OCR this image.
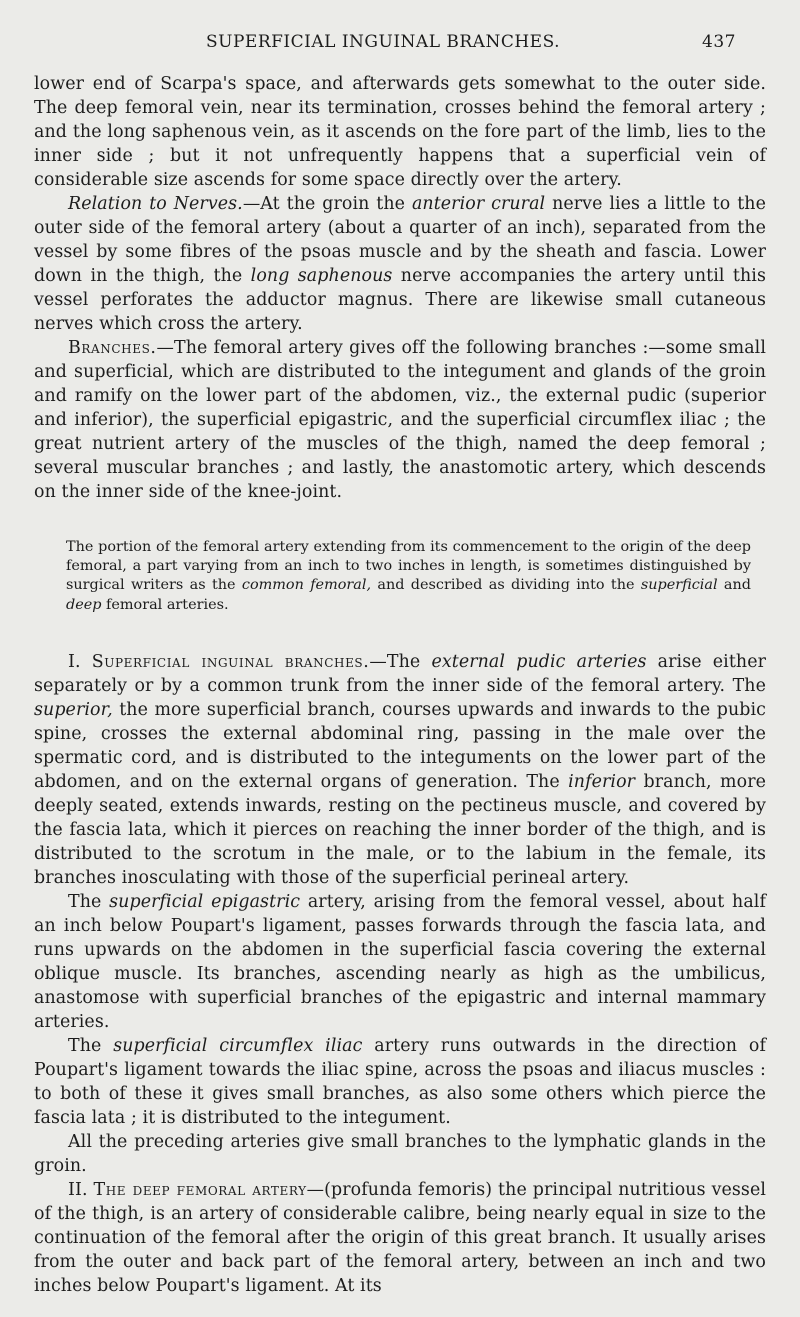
SUPERFICIAL INGUINAL BRANCHES.	437

lower end of Scarpa's space, and afterwards gets somewhat to the outer side. The deep femoral vein, near its termination, crosses behind the femoral artery ; and the long saphenous vein, as it ascends on the fore part of the limb, lies to the inner side ; but it not unfrequently happens that a superficial vein of considerable size ascends for some space directly over the artery.

Relation to Nerves.—At the groin the anterior crural nerve lies a little to the outer side of the femoral artery (about a quarter of an inch), separated from the vessel by some fibres of the psoas muscle and by the sheath and fascia. Lower down in the thigh, the long saphenous nerve accompanies the artery until this vessel perforates the adductor magnus. There are likewise small cutaneous nerves which cross the artery.

Branches.—The femoral artery gives off the following branches :—some small and superficial, which are distributed to the integument and glands of the groin and ramify on the lower part of the abdomen, viz., the external pudic (superior and inferior), the superficial epigastric, and the superficial circumflex iliac ; the great nutrient artery of the muscles of the thigh, named the deep femoral ; several muscular branches ; and lastly, the anastomotic artery, which descends on the inner side of the knee-joint.

The portion of the femoral artery extending from its commencement to the origin of the deep femoral, a part varying from an inch to two inches in length, is sometimes distinguished by surgical writers as the common femoral, and described as dividing into the superficial and deep femoral arteries.

I. Superficial inguinal branches.—The external pudic arteries arise either separately or by a common trunk from the inner side of the femoral artery. The superior, the more superficial branch, courses upwards and inwards to the pubic spine, crosses the external abdominal ring, passing in the male over the spermatic cord, and is distributed to the integuments on the lower part of the abdomen, and on the external organs of generation. The inferior branch, more deeply seated, extends inwards, resting on the pectineus muscle, and covered by the fascia lata, which it pierces on reaching the inner border of the thigh, and is distributed to the scrotum in the male, or to the labium in the female, its branches inosculating with those of the superficial perineal artery.

The superficial epigastric artery, arising from the femoral vessel, about half an inch below Poupart's ligament, passes forwards through the fascia lata, and runs upwards on the abdomen in the superficial fascia covering the external oblique muscle. Its branches, ascending nearly as high as the umbilicus, anastomose with superficial branches of the epigastric and internal mammary arteries.

The superficial circumflex iliac artery runs outwards in the direction of Poupart's ligament towards the iliac spine, across the psoas and iliacus muscles : to both of these it gives small branches, as also some others which pierce the fascia lata ; it is distributed to the integument.

All the preceding arteries give small branches to the lymphatic glands in the groin.

II. The deep femoral artery—(profunda femoris) the principal nutritious vessel of the thigh, is an artery of considerable calibre, being nearly equal in size to the continuation of the femoral after the origin of this great branch. It usually arises from the outer and back part of the femoral artery, between an inch and two inches below Poupart's ligament. At its
